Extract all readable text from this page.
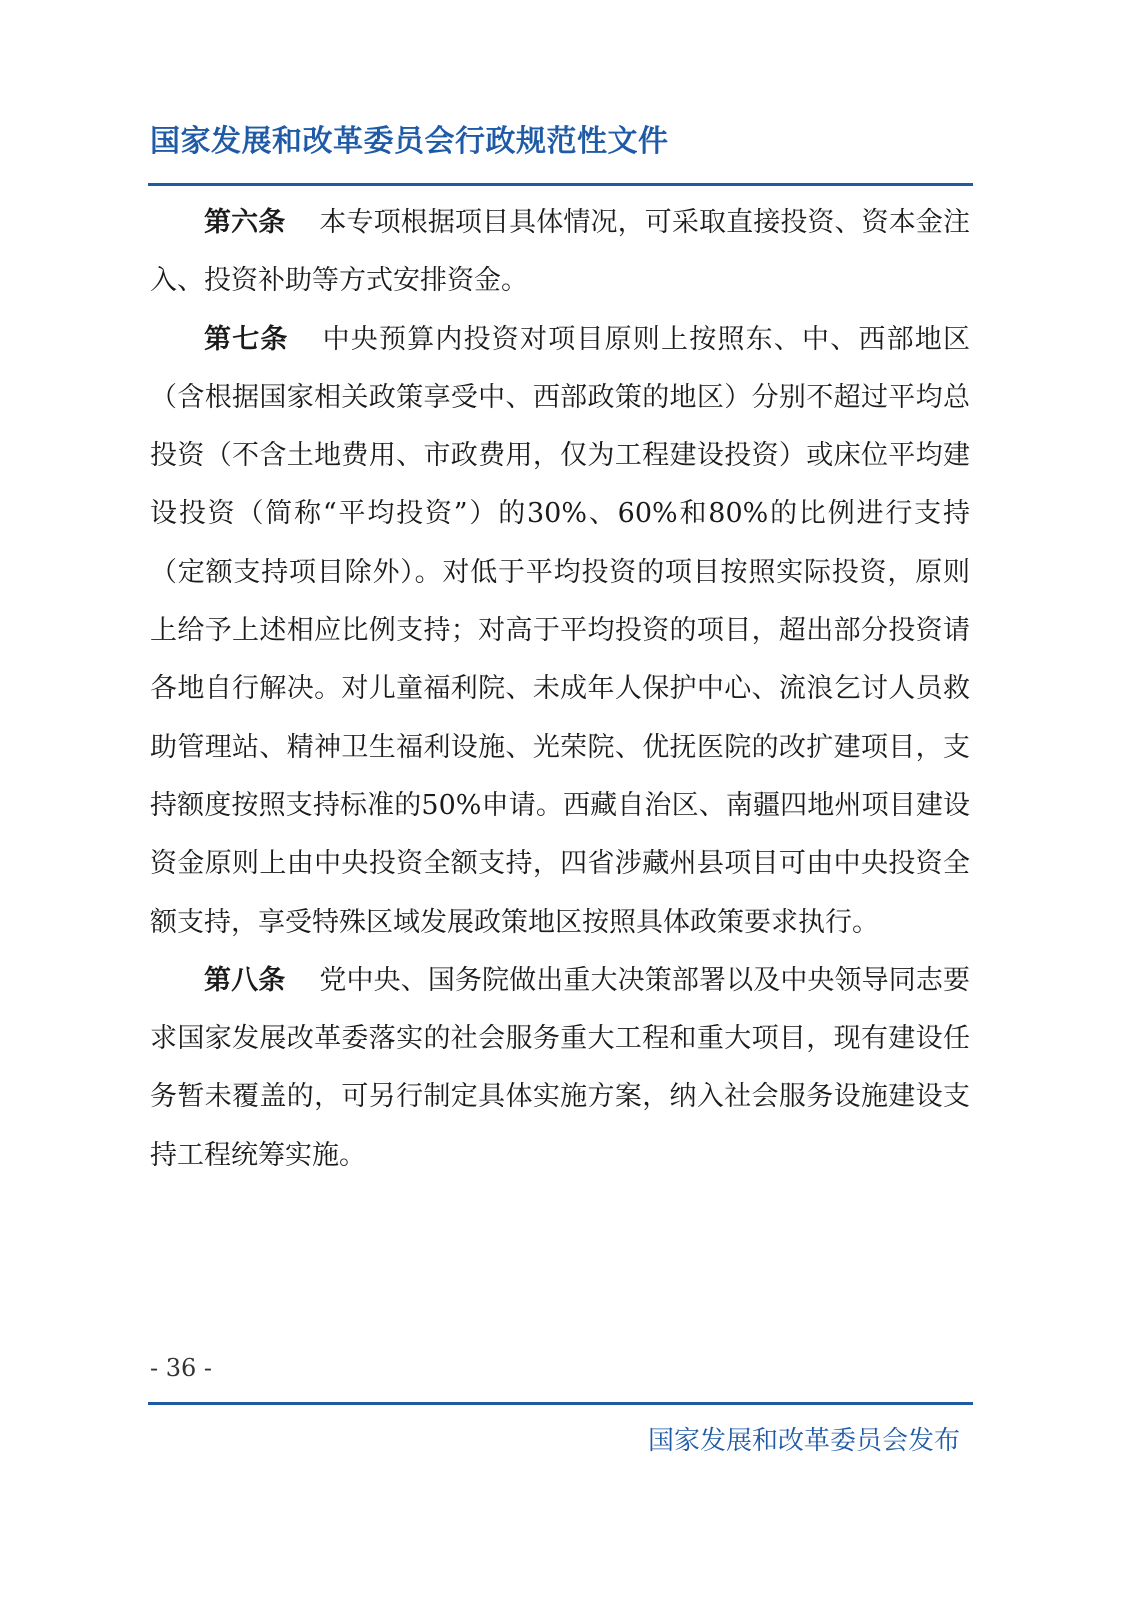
国家发展和改革委员会行政规范性文件

第六条 本专项根据项目具体情况，可采取直接投资、资本金注入、投资补助等方式安排资金。

第七条 中央预算内投资对项目原则上按照东、中、西部地区（含根据国家相关政策享受中、西部政策的地区）分别不超过平均总投资（不含土地费用、市政费用，仅为工程建设投资）或床位平均建设投资（简称“平均投资”）的30%、60%和80%的比例进行支持（定额支持项目除外）。对低于平均投资的项目按照实际投资，原则上给予上述相应比例支持；对高于平均投资的项目，超出部分投资请各地自行解决。对儿童福利院、未成年人保护中心、流浪乞讨人员救助管理站、精神卫生福利设施、光荣院、优抚医院的改扩建项目，支持额度按照支持标准的50%申请。西藏自治区、南疆四地州项目建设资金原则上由中央投资全额支持，四省涉藏州县项目可由中央投资全额支持，享受特殊区域发展政策地区按照具体政策要求执行。

第八条 党中央、国务院做出重大决策部署以及中央领导同志要求国家发展改革委落实的社会服务重大工程和重大项目，现有建设任务暂未覆盖的，可另行制定具体实施方案，纳入社会服务设施建设支持工程统筹实施。

- 36 -
国家发展和改革委员会发布
